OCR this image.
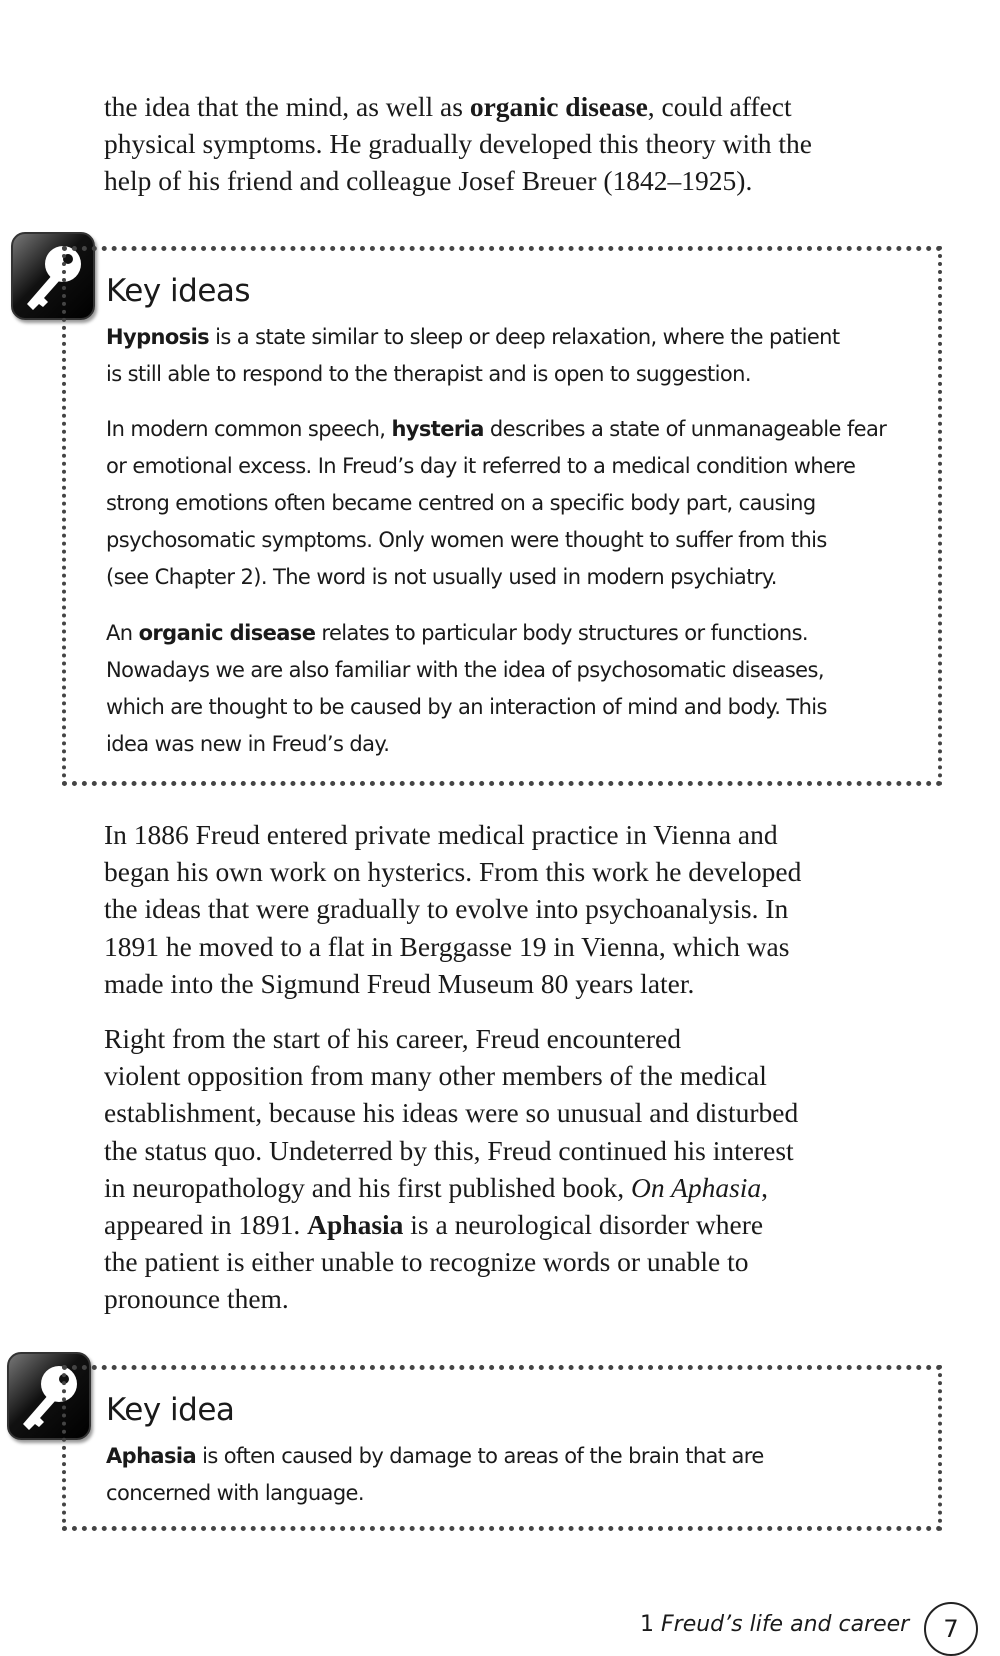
the idea that the mind, as well as organic disease, could affect
physical symptoms. He gradually developed this theory with the
help of his friend and colleague Josef Breuer (1842–1925).
Key ideas
Hypnosis is a state similar to sleep or deep relaxation, where the patient
is still able to respond to the therapist and is open to suggestion.
In modern common speech, hysteria describes a state of unmanageable fear
or emotional excess. In Freud’s day it referred to a medical condition where
strong emotions often became centred on a specific body part, causing
psychosomatic symptoms. Only women were thought to suffer from this
(see Chapter 2). The word is not usually used in modern psychiatry.
An organic disease relates to particular body structures or functions.
Nowadays we are also familiar with the idea of psychosomatic diseases,
which are thought to be caused by an interaction of mind and body. This
idea was new in Freud’s day.
In 1886 Freud entered private medical practice in Vienna and
began his own work on hysterics. From this work he developed
the ideas that were gradually to evolve into psychoanalysis. In
1891 he moved to a flat in Berggasse 19 in Vienna, which was
made into the Sigmund Freud Museum 80 years later.
Right from the start of his career, Freud encountered
violent opposition from many other members of the medical
establishment, because his ideas were so unusual and disturbed
the status quo. Undeterred by this, Freud continued his interest
in neuropathology and his first published book, On Aphasia,
appeared in 1891. Aphasia is a neurological disorder where
the patient is either unable to recognize words or unable to
pronounce them.
Key idea
Aphasia is often caused by damage to areas of the brain that are
concerned with language.
1 Freud’s life and career	7
